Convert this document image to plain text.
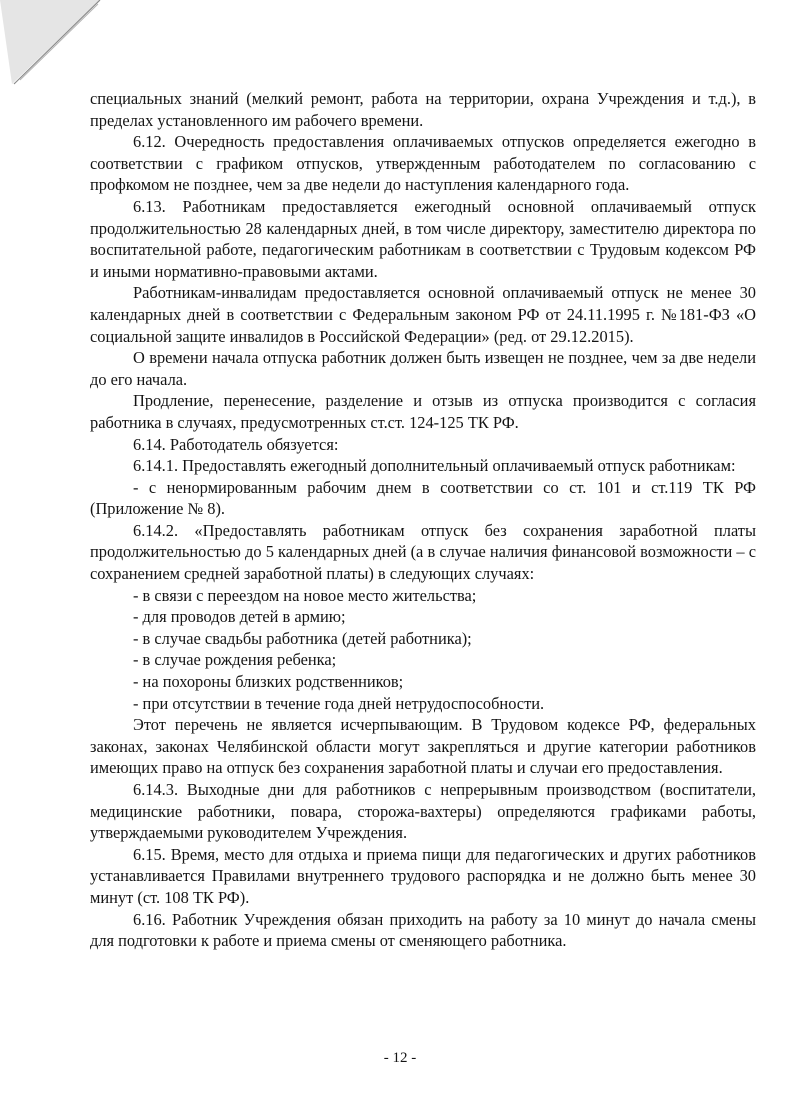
специальных знаний (мелкий ремонт, работа на территории, охрана Учреждения и т.д.), в пределах установленного им рабочего времени.

6.12. Очередность предоставления оплачиваемых отпусков определяется ежегодно в соответствии с графиком отпусков, утвержденным работодателем по согласованию с профкомом не позднее, чем за две недели до наступления календарного года.

6.13. Работникам предоставляется ежегодный основной оплачиваемый отпуск продолжительностью 28 календарных дней, в том числе директору, заместителю директора по воспитательной работе, педагогическим работникам в соответствии с Трудовым кодексом РФ и иными нормативно-правовыми актами.

Работникам-инвалидам предоставляется основной оплачиваемый отпуск не менее 30 календарных дней в соответствии с Федеральным законом РФ от 24.11.1995 г. №181-ФЗ «О социальной защите инвалидов в Российской Федерации» (ред. от 29.12.2015).

О времени начала отпуска работник должен быть извещен не позднее, чем за две недели до его начала.

Продление, перенесение, разделение и отзыв из отпуска производится с согласия работника в случаях, предусмотренных ст.ст. 124-125 ТК РФ.

6.14. Работодатель обязуется:

6.14.1. Предоставлять ежегодный дополнительный оплачиваемый отпуск работникам:

- с ненормированным рабочим днем в соответствии со ст. 101 и ст.119 ТК РФ (Приложение № 8).

6.14.2. «Предоставлять работникам отпуск без сохранения заработной платы продолжительностью до 5 календарных дней (а в случае наличия финансовой возможности – с сохранением средней заработной платы) в следующих случаях:

- в связи с переездом на новое место жительства;

- для проводов детей в армию;

- в случае свадьбы работника (детей работника);

- в случае рождения ребенка;

- на похороны близких родственников;

- при отсутствии в течение года дней нетрудоспособности.

Этот перечень не является исчерпывающим. В Трудовом кодексе РФ, федеральных законах, законах Челябинской области могут закрепляться и другие категории работников имеющих право на отпуск без сохранения заработной платы и случаи его предоставления.

6.14.3. Выходные дни для работников с непрерывным производством (воспитатели, медицинские работники, повара, сторожа-вахтеры) определяются графиками работы, утверждаемыми руководителем Учреждения.

6.15. Время, место для отдыха и приема пищи для педагогических и других работников устанавливается Правилами внутреннего трудового распорядка и не должно быть менее 30 минут (ст. 108 ТК РФ).

6.16. Работник Учреждения обязан приходить на работу за 10 минут до начала смены для подготовки к работе и приема смены от сменяющего работника.

- 12 -
